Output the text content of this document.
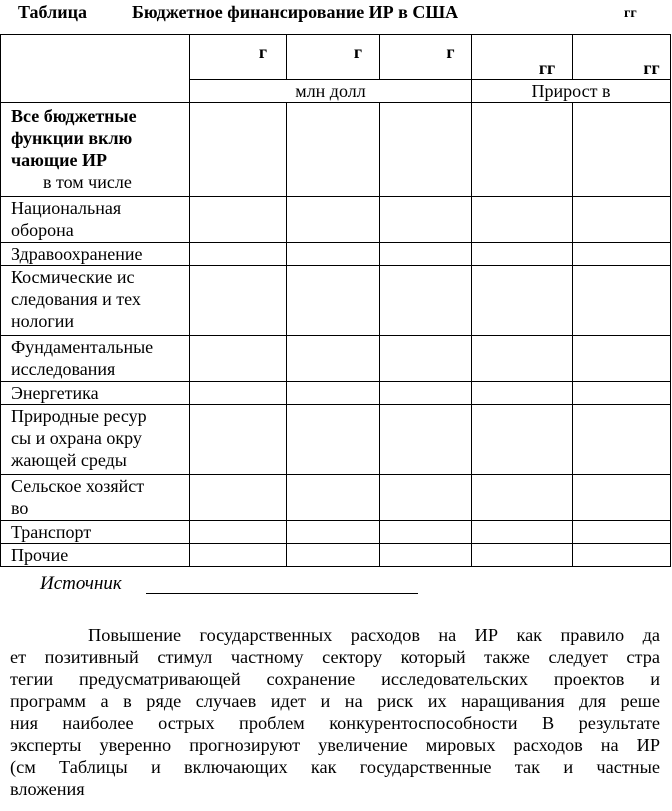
Таблица	Бюджетное финансирование ИР в США	гг
	г	г	г	гг	гг
	млн долл			Прирост в	

Все бюджетные
функции вклю
чающие ИР
в том числе					

Национальная
оборона					

Здравоохранение					

Космические ис
следования и тех
нологии					

Фундаментальные
исследования					

Энергетика					

Природные ресур
сы и охрана окру
жающей среды					

Сельское хозяйст
во					

Транспорт					

Прочие					

Источник
Повышение государственных расходов на ИР как правило да
ет позитивный стимул частному сектору который также следует стра
тегии предусматривающей сохранение исследовательских проектов и
программ а в ряде случаев идет и на риск их наращивания для реше
ния наиболее острых проблем конкурентоспособности В результате
эксперты уверенно прогнозируют увеличение мировых расходов на ИР
(см Таблицы и включающих как государственные так и частные
вложения
